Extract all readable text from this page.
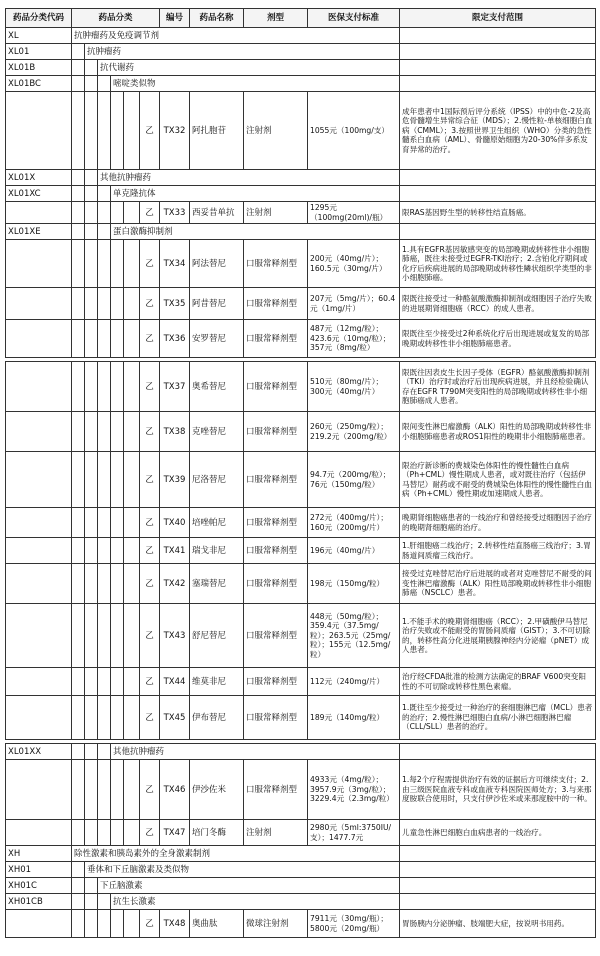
药品分类代码	药品分类						编号	药品名称	剂型	医保支付标准	限定支付范围
XL	抗肿瘤药及免疫调节剂										
XL01		抗肿瘤药									
XL01B			抗代谢药								
XL01BC				嘧啶类似物							
						乙	TX32	阿扎胞苷	注射剂	1055元（100mg/支）	成年患者中1国际预后评分系统（IPSS）中的中危-2及高危骨髓增生异常综合征（MDS）；2.慢性粒-单核细胞白血病（CMML）；3.按照世界卫生组织（WHO）分类的急性髓系白血病（AML）、骨髓原始细胞为20-30%伴多系发育异常的治疗。
XL01X			其他抗肿瘤药								
XL01XC				单克隆抗体							
						乙	TX33	西妥昔单抗	注射剂	1295元（100mg(20ml)/瓶）	限RAS基因野生型的转移性结直肠癌。
XL01XE				蛋白激酶抑制剂							
						乙	TX34	阿法替尼	口服常释剂型	200元（40mg/片）；160.5元（30mg/片）	1.具有EGFR基因敏感突变的局部晚期或转移性非小细胞肺癌，既往未接受过EGFR-TKI治疗；2.含铂化疗期间或化疗后疾病进展的局部晚期或转移性鳞状组织学类型的非小细胞肺癌。
						乙	TX35	阿昔替尼	口服常释剂型	207元（5mg/片）；60.4元（1mg/片）	限既往接受过一种酪氨酸激酶抑制剂或细胞因子治疗失败的进展期肾细胞癌（RCC）的成人患者。
						乙	TX36	安罗替尼	口服常释剂型	487元（12mg/粒）；423.6元（10mg/粒）；357元（8mg/粒）	限既往至少接受过2种系统化疗后出现进展或复发的局部晚期或转移性非小细胞肺癌患者。

						乙	TX37	奥希替尼	口服常释剂型	510元（80mg/片）；300元（40mg/片）	限既往因表皮生长因子受体（EGFR）酪氨酸激酶抑制剂（TKI）治疗时或治疗后出现疾病进展，并且经检验确认存在EGFR T790M突变阳性的局部晚期或转移性非小细胞肺癌成人患者。
						乙	TX38	克唑替尼	口服常释剂型	260元（250mg/粒）；219.2元（200mg/粒）	限间变性淋巴瘤激酶（ALK）阳性的局部晚期或转移性非小细胞肺癌患者或ROS1阳性的晚期非小细胞肺癌患者。
						乙	TX39	尼洛替尼	口服常释剂型	94.7元（200mg/粒）；76元（150mg/粒）	限治疗新诊断的费城染色体阳性的慢性髓性白血病（Ph+CML）慢性期成人患者，或对既往治疗（包括伊马替尼）耐药或不耐受的费城染色体阳性的慢性髓性白血病（Ph+CML）慢性期或加速期成人患者。
						乙	TX40	培唑帕尼	口服常释剂型	272元（400mg/片）；160元（200mg/片）	晚期肾细胞癌患者的一线治疗和曾经接受过细胞因子治疗的晚期肾细胞癌的治疗。
						乙	TX41	瑞戈非尼	口服常释剂型	196元（40mg/片）	1.肝细胞癌二线治疗；2.转移性结直肠癌三线治疗；3.胃肠道间质瘤三线治疗。
						乙	TX42	塞瑞替尼	口服常释剂型	198元（150mg/粒）	接受过克唑替尼治疗后进展的或者对克唑替尼不耐受的间变性淋巴瘤激酶（ALK）阳性局部晚期或转移性非小细胞肺癌（NSCLC）患者。
						乙	TX43	舒尼替尼	口服常释剂型	448元（50mg/粒）；359.4元（37.5mg/粒）；263.5元（25mg/粒）；155元（12.5mg/粒）	1.不能手术的晚期肾细胞癌（RCC）；2.甲磺酸伊马替尼治疗失败或不能耐受的胃肠间质瘤（GIST）；3.不可切除的，转移性高分化进展期胰腺神经内分泌瘤（pNET）成人患者。
						乙	TX44	维莫非尼	口服常释剂型	112元（240mg/片）	治疗经CFDA批准的检测方法确定的BRAF V600突变阳性的不可切除或转移性黑色素瘤。
						乙	TX45	伊布替尼	口服常释剂型	189元（140mg/粒）	1.既往至少接受过一种治疗的套细胞淋巴瘤（MCL）患者的治疗；2.慢性淋巴细胞白血病/小淋巴细胞淋巴瘤（CLL/SLL）患者的治疗。

XL01XX				其他抗肿瘤药							
						乙	TX46	伊沙佐米	口服常释剂型	4933元（4mg/粒）；3957.9元（3mg/粒）；3229.4元（2.3mg/粒）	1.每2个疗程需提供治疗有效的证据后方可继续支付；2.由三级医院血液专科或血液专科医院医师处方；3.与来那度胺联合使用时，只支付伊沙佐米或来那度胺中的一种。
						乙	TX47	培门冬酶	注射剂	2980元（5ml:3750IU/支）；1477.7元	儿童急性淋巴细胞白血病患者的一线治疗。
XH	除性激素和胰岛素外的全身激素制剂										
XH01		垂体和下丘脑激素及类似物									
XH01C			下丘脑激素								
XH01CB				抗生长激素							
						乙	TX48	奥曲肽	微球注射剂	7911元（30mg/瓶）；5800元（20mg/瓶）	胃肠胰内分泌肿瘤、肢端肥大症，按说明书用药。
